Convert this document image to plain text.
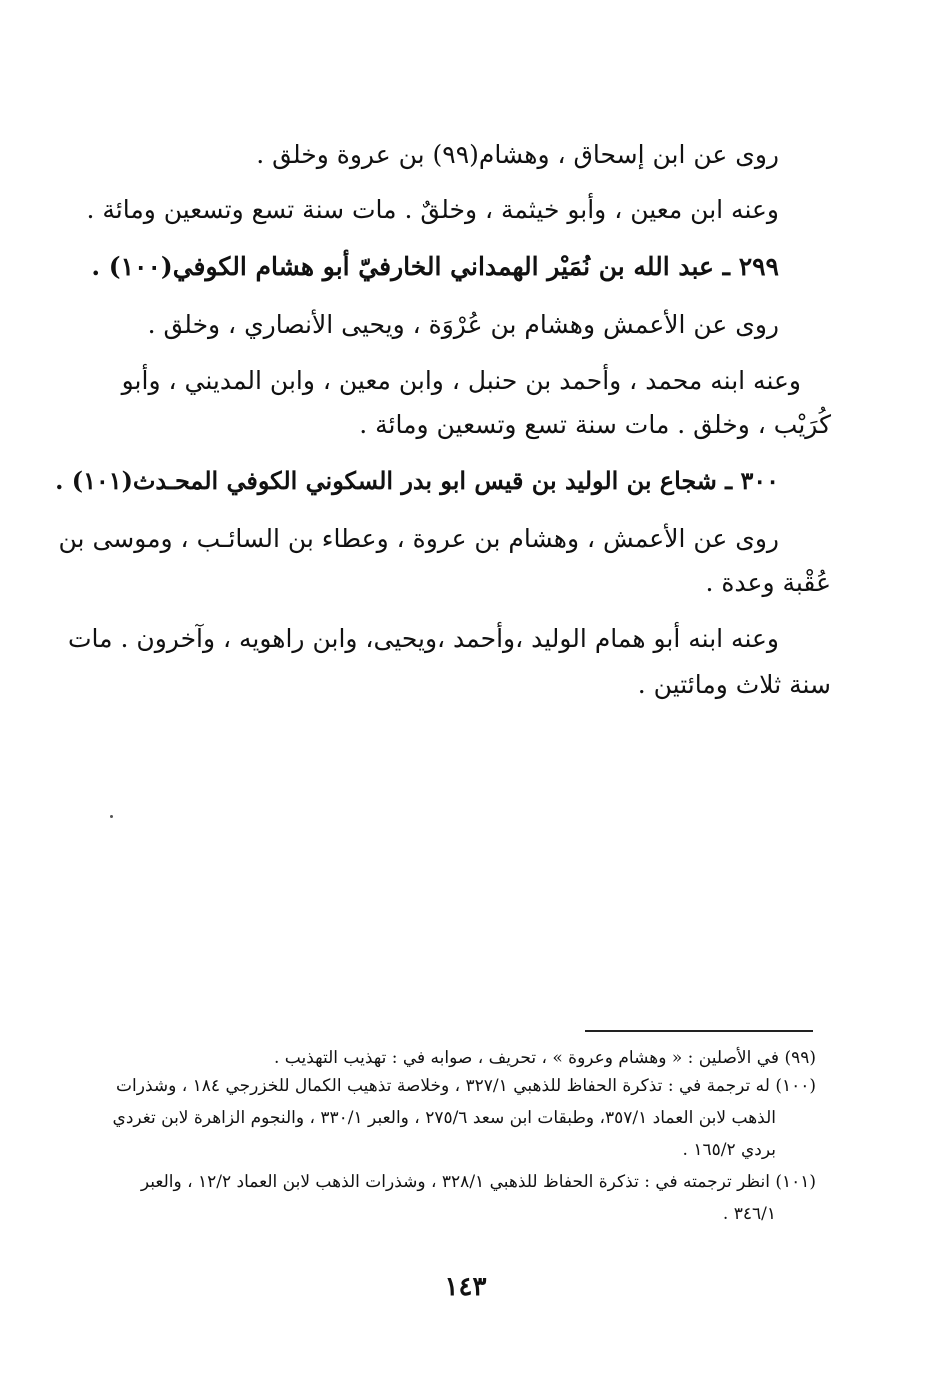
روى عن ابن إسحاق ، وهشام(٩٩) بن عروة وخلق .
وعنه ابن معين ، وأبو خيثمة ، وخلقٌ . مات سنة تسع وتسعين ومائة .
٢٩٩ ـ عبد الله بن نُمَيْر الهمداني الخارفيّ أبو هشام الكوفي(١٠٠) .
روى عن الأعمش وهشام بن عُرْوَة ، ويحيى الأنصاري ، وخلق .
وعنه ابنه محمد ، وأحمد بن حنبل ، وابن معين ، وابن المديني ، وأبو
كُرَيْب ، وخلق . مات سنة تسع وتسعين ومائة .
٣٠٠ ـ شجاع بن الوليد بن قيس ابو بدر السكوني الكوفي المحـدث(١٠١) .
روى عن الأعمش ، وهشام بن عروة ، وعطاء بن السائـب ، وموسى بن
عُقْبة وعدة .
وعنه ابنه أبو همام الوليد ،وأحمد ،ويحيى، وابن راهويه ، وآخرون . مات
سنة ثلاث ومائتين .
(٩٩) في الأصلين : « وهشام وعروة » ، تحريف ، صوابه في : تهذيب التهذيب .
(١٠٠) له ترجمة في : تذكرة الحفاظ للذهبي ٣٢٧/١ ، وخلاصة تذهيب الكمال للخزرجي ١٨٤ ، وشذرات
الذهب لابن العماد ٣٥٧/١، وطبقات ابن سعد ٢٧٥/٦ ، والعبر ٣٣٠/١ ، والنجوم الزاهرة لابن تغردي
بردي ١٦٥/٢ .
(١٠١) انظر ترجمته في : تذكرة الحفاظ للذهبي ٣٢٨/١ ، وشذرات الذهب لابن العماد ١٢/٢ ، والعبر
٣٤٦/١ .
١٤٣
